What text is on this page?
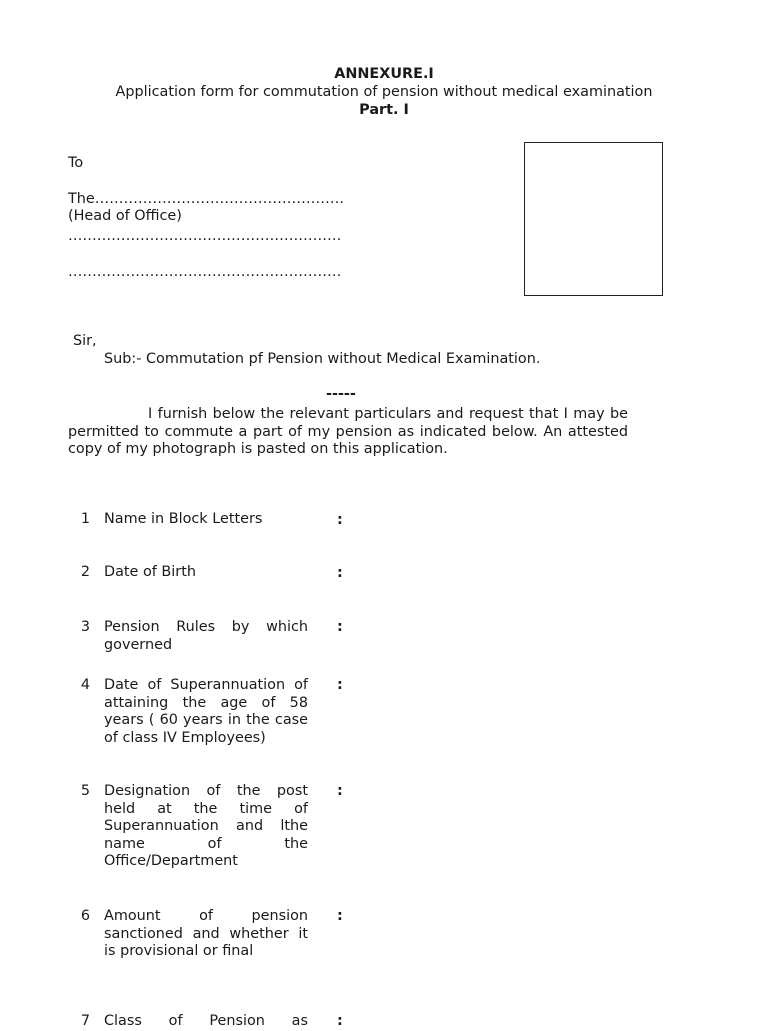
ANNEXURE.I
Application form for commutation of pension without medical examination
Part. I
To
The…………………………………………….
(Head of Office)
…………………………………………………
…………………………………………………
Sir,
Sub:- Commutation pf Pension without Medical Examination.
-----
I furnish below the relevant particulars and request that I may be permitted to commute a part of my pension as indicated below. An attested copy of my photograph is pasted on this application.
1 Name in Block Letters	:
2 Date of Birth	:
3 Pension Rules by which governed
:
4 Date of Superannuation of attaining the age of 58 years ( 60 years in the case of class IV Employees)
:
5 Designation of the post held at the time of Superannuation and lthe name of the Office/Department
:
6 Amount of pension sanctioned and whether it is provisional or final
:
7 Class of Pension as :
